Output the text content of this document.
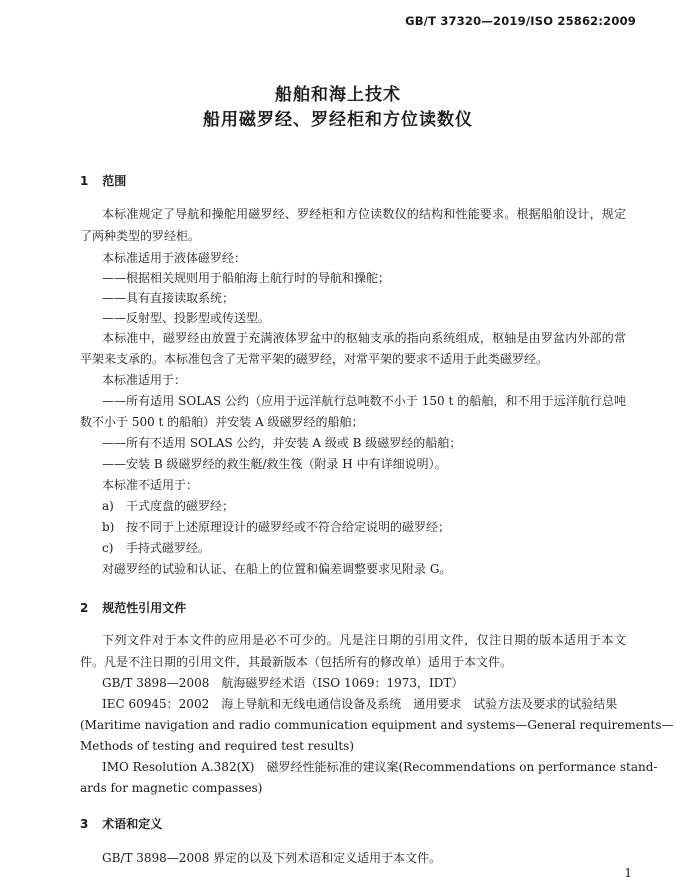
GB/T 37320—2019/ISO 25862:2009
船舶和海上技术
船用磁罗经、罗经柜和方位读数仪
1 范围
本标准规定了导航和操舵用磁罗经、罗经柜和方位读数仪的结构和性能要求。根据船舶设计，规定
了两种类型的罗经柜。
本标准适用于液体磁罗经：
——根据相关规则用于船舶海上航行时的导航和操舵；
——具有直接读取系统；
——反射型、投影型或传送型。
本标准中，磁罗经由放置于充满液体罗盆中的枢轴支承的指向系统组成，枢轴是由罗盆内外部的常
平架来支承的。本标准包含了无常平架的磁罗经，对常平架的要求不适用于此类磁罗经。
本标准适用于：
——所有适用 SOLAS 公约（应用于远洋航行总吨数不小于 150 t 的船舶，和不用于远洋航行总吨
数不小于 500 t 的船舶）并安装 A 级磁罗经的船舶；
——所有不适用 SOLAS 公约，并安装 A 级或 B 级磁罗经的船舶；
——安装 B 级磁罗经的救生艇/救生筏（附录 H 中有详细说明）。
本标准不适用于：
a) 干式度盘的磁罗经；
b) 按不同于上述原理设计的磁罗经或不符合给定说明的磁罗经；
c) 手持式磁罗经。
对磁罗经的试验和认证、在船上的位置和偏差调整要求见附录 G。
2 规范性引用文件
下列文件对于本文件的应用是必不可少的。凡是注日期的引用文件，仅注日期的版本适用于本文
件。凡是不注日期的引用文件，其最新版本（包括所有的修改单）适用于本文件。
GB/T 3898—2008　航海磁罗经术语（ISO 1069：1973，IDT）
IEC 60945：2002　海上导航和无线电通信设备及系统　通用要求　试验方法及要求的试验结果
(Maritime navigation and radio communication equipment and systems—General requirements—
Methods of testing and required test results)
IMO Resolution A.382(X)　磁罗经性能标准的建议案(Recommendations on performance stand-
ards for magnetic compasses)
3 术语和定义
GB/T 3898—2008 界定的以及下列术语和定义适用于本文件。
1
